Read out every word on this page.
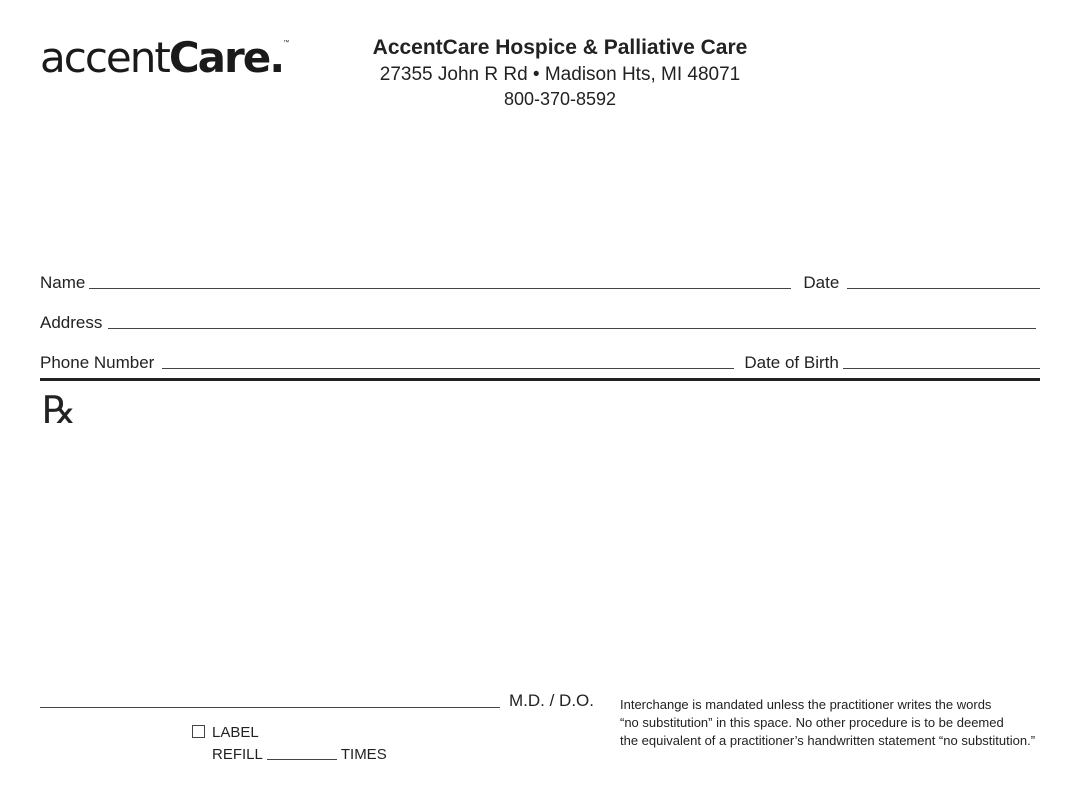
accentCare.™	AccentCare Hospice & Palliative Care
27355 John R Rd • Madison Hts, MI 48071
800-370-8592
Name	Date
Address
Phone Number	Date of Birth
℞
M.D. / D.O.
LABEL
REFILL	TIMES
Interchange is mandated unless the practitioner writes the words
“no substitution” in this space. No other procedure is to be deemed
the equivalent of a practitioner’s handwritten statement “no substitution.”
